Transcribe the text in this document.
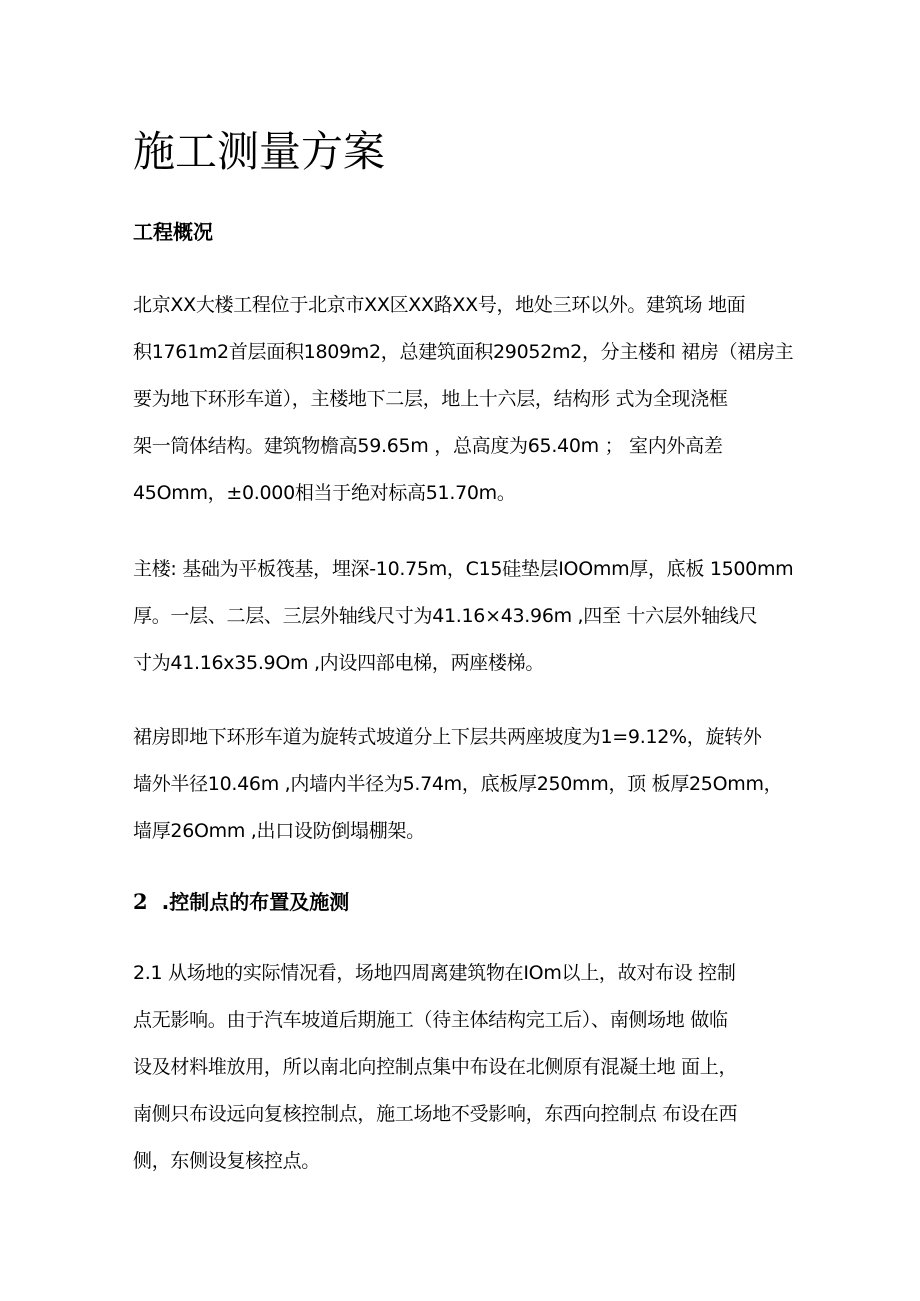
施工测量方案
工程概况
北京XX大楼工程位于北京市XX区XX路XX号，地处三环以外。建筑场 地面
积1761m2首层面积1809m2，总建筑面积29052m2，分主楼和 裙房（裙房主
要为地下环形车道），主楼地下二层，地上十六层，结构形 式为全现浇框
架一筒体结构。建筑物檐高59.65m ，总高度为65.40m ； 室内外高差
45Omm，±0.000相当于绝对标高51.70m。
主楼: 基础为平板筏基，埋深-10.75m，C15硅垫层IOOmm厚，底板 1500mm
厚。一层、二层、三层外轴线尺寸为41.16×43.96m ,四至 十六层外轴线尺
寸为41.16x35.9Om ,内设四部电梯，两座楼梯。
裙房即地下环形车道为旋转式坡道分上下层共两座坡度为1=9.12%，旋转外
墙外半径10.46m ,内墙内半径为5.74m，底板厚250mm，顶 板厚25Omm，
墙厚26Omm ,出口设防倒塌棚架。
2 .控制点的布置及施测
2.1 从场地的实际情况看，场地四周离建筑物在IOm以上，故对布设 控制
点无影响。由于汽车坡道后期施工（待主体结构完工后）、南侧场地 做临
设及材料堆放用，所以南北向控制点集中布设在北侧原有混凝土地 面上，
南侧只布设远向复核控制点，施工场地不受影响，东西向控制点 布设在西
侧，东侧设复核控点。
